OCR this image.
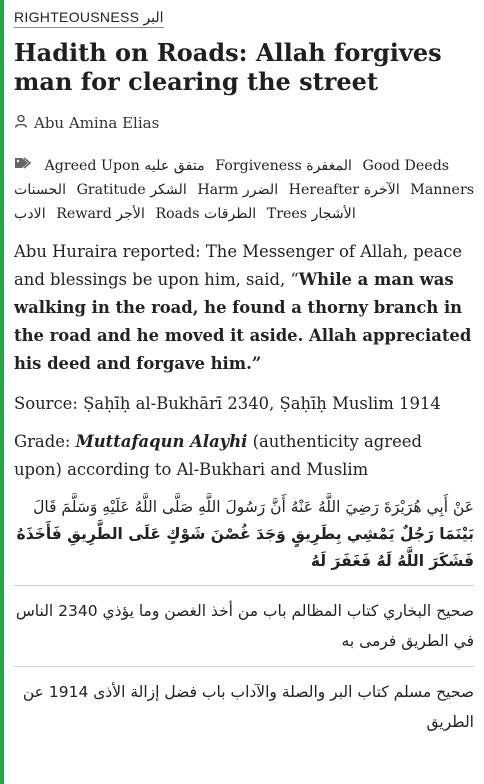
RIGHTEOUSNESS البر
Hadith on Roads: Allah forgives man for clearing the street
Abu Amina Elias
Agreed Upon متفق عليه Forgiveness المغفرة Good Deeds
الحسنات Gratitude الشكر Harm الضرر Hereafter الآخرة Manners
الادب Reward الأجر Roads الطرقات Trees الأشجار
Abu Huraira reported: The Messenger of Allah, peace and blessings be upon him, said, “While a man was walking in the road, he found a thorny branch in the road and he moved it aside. Allah appreciated his deed and forgave him.”
Source: Ṣaḥīḥ al-Bukhārī 2340, Ṣaḥīḥ Muslim 1914
Grade: Muttafaqun Alayhi (authenticity agreed upon) according to Al-Bukhari and Muslim
عَنْ أَبِي هُرَيْرَةَ رَضِيَ اللَّهُ عَنْهُ أَنَّ رَسُولَ اللَّهِ صَلَّى اللَّهُ عَلَيْهِ وَسَلَّمَ قَالَ بَيْنَمَا رَجُلٌ يَمْشِي بِطَرِيقٍ وَجَدَ غُصْنَ شَوْكٍ عَلَى الطَّرِيقِ فَأَخَذَهُ فَشَكَرَ اللَّهُ لَهُ فَغَفَرَ لَهُ
صحيح البخاري كتاب المظالم باب من أخذ الغصن وما يؤذي 2340 الناس في الطريق فرمى به
صحيح مسلم كتاب البر والصلة والآداب باب فضل إزالة الأذى 1914 عن الطريق
